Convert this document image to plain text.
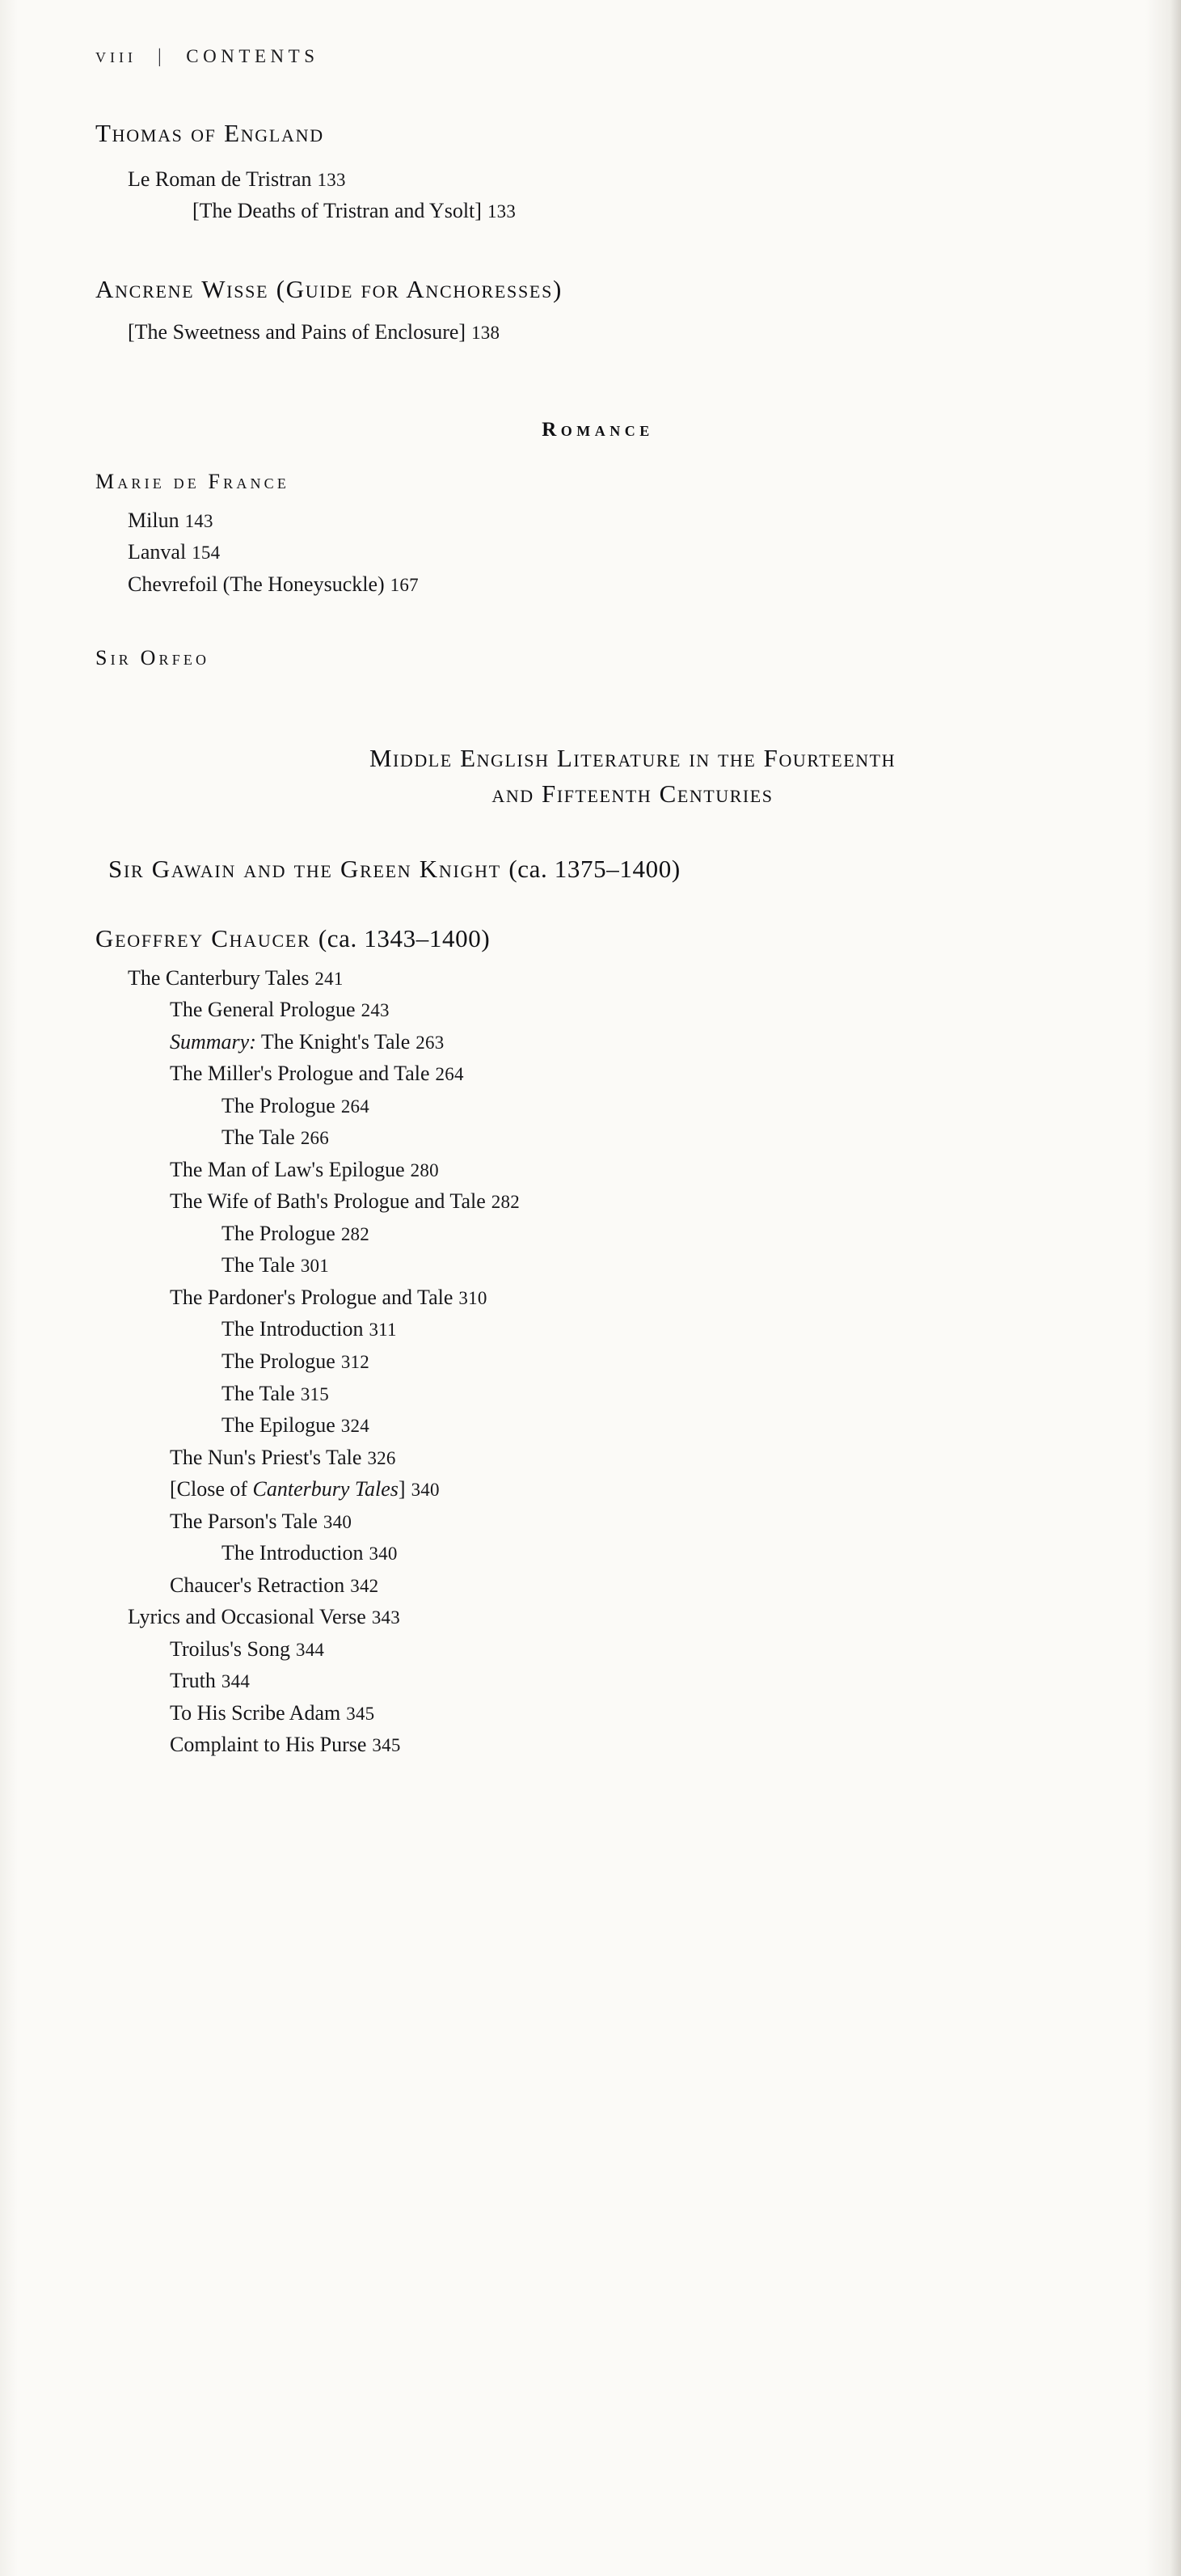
viii | CONTENTS
Thomas of England
Le Roman de Tristran 133
[The Deaths of Tristran and Ysolt] 133
Ancrene Wisse (Guide for Anchoresses)
[The Sweetness and Pains of Enclosure] 138
Romance
Marie de France
Milun 143
Lanval 154
Chevrefoil (The Honeysuckle) 167
Sir Orfeo
Middle English Literature in the Fourteenth
and Fifteenth Centuries
Sir Gawain and the Green Knight (ca. 1375–1400)
Geoffrey Chaucer (ca. 1343–1400)
The Canterbury Tales 241
The General Prologue 243
Summary: The Knight's Tale 263
The Miller's Prologue and Tale 264
The Prologue 264
The Tale 266
The Man of Law's Epilogue 280
The Wife of Bath's Prologue and Tale 282
The Prologue 282
The Tale 301
The Pardoner's Prologue and Tale 310
The Introduction 311
The Prologue 312
The Tale 315
The Epilogue 324
The Nun's Priest's Tale 326
[Close of Canterbury Tales] 340
The Parson's Tale 340
The Introduction 340
Chaucer's Retraction 342
Lyrics and Occasional Verse 343
Troilus's Song 344
Truth 344
To His Scribe Adam 345
Complaint to His Purse 345
